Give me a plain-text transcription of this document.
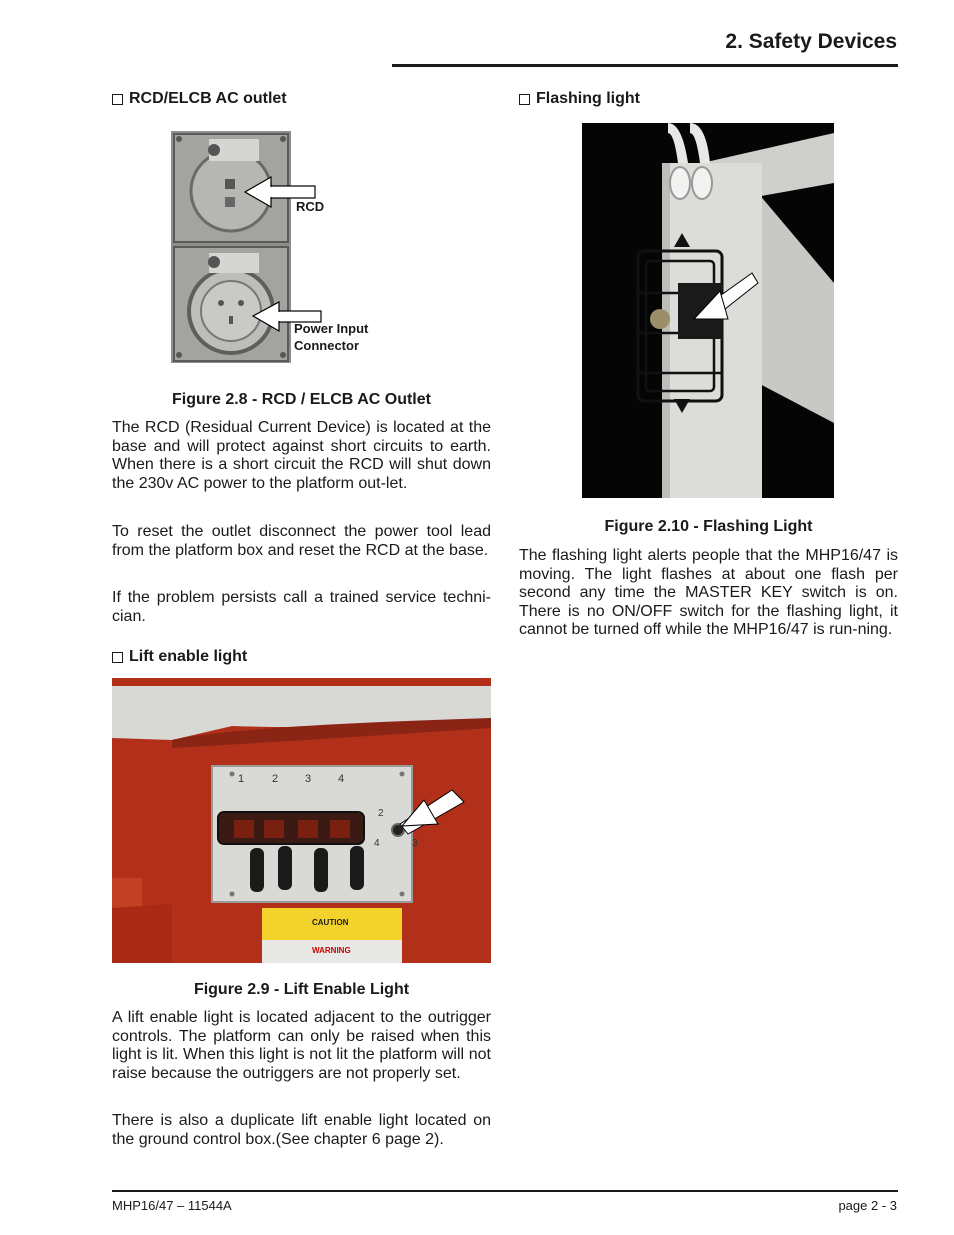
2. Safety Devices
RCD/ELCB AC outlet
RCD
Power Input
Connector
Figure 2.8 - RCD / ELCB AC Outlet

The RCD (Residual Current Device) is located at the base and will protect against short circuits to earth. When there is a short circuit the RCD will shut down the 230v AC power to the platform out-let.

To reset the outlet disconnect the power tool lead from the platform box and reset the RCD at the base.

If the problem persists call a trained service techni-cian.

Lift enable light
1	2 3 4
2
4	3
CAUTION
WARNING
Figure 2.9 - Lift Enable Light

A lift enable light is located adjacent to the outrigger controls. The platform can only be raised when this light is lit. When this light is not lit the platform will not raise because the outriggers are not properly set.

There is also a duplicate lift enable light located on the ground control box.(See chapter 6 page 2).

Flashing light
Figure 2.10 - Flashing Light

The flashing light alerts people that the MHP16/47 is moving. The light flashes at about one flash per second any time the MASTER KEY switch is on. There is no ON/OFF switch for the flashing light, it cannot be turned off while the MHP16/47 is run-ning.

MHP16/47 – 11544A	page 2 - 3
